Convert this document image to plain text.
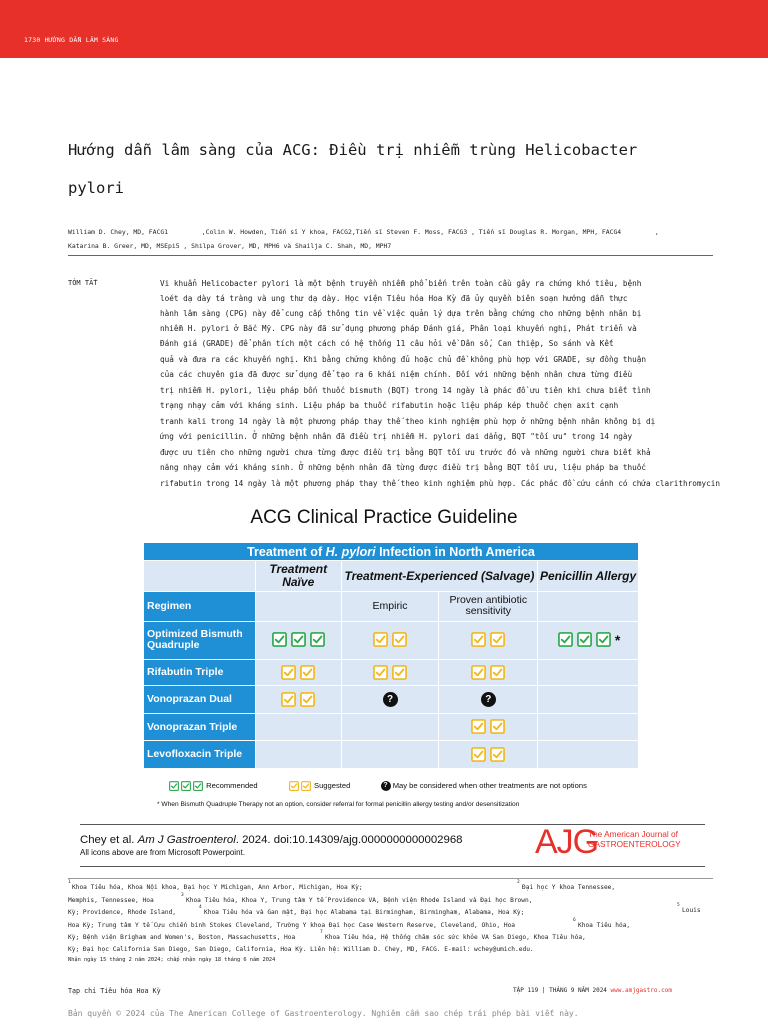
1730 HƯỚNG DẪN LÂM SÀNG
Hướng dẫn lâm sàng của ACG: Điều trị nhiễm trùng Helicobacter
pylori
William D. Chey, MD, FACG1	,Colin W. Howden, Tiến sĩ Y khoa, FACG2,Tiến sĩ Steven F. Moss, FACG3 , Tiến sĩ Douglas R. Morgan, MPH, FACG4	,
Katarina B. Greer, MD, MSEpi5 , Shilpa Grover, MD, MPH6 và Shailja C. Shah, MD, MPH7
TÓM TẮT	Vi khuẩn Helicobacter pylori là một bệnh truyền nhiễm phổ biến trên toàn cầu gây ra chứng khó tiêu, bệnh
loét dạ dày tá tràng và ung thư dạ dày. Học viện Tiêu hóa Hoa Kỳ đã ủy quyền biên soạn hướng dẫn thực
hành lâm sàng (CPG) này để cung cấp thông tin về việc quản lý dựa trên bằng chứng cho những bệnh nhân bị
nhiễm H. pylori ở Bắc Mỹ. CPG này đã sử dụng phương pháp Đánh giá, Phân loại khuyến nghị, Phát triển và
Đánh giá (GRADE) để phân tích một cách có hệ thống 11 câu hỏi về Dân số, Can thiệp, So sánh và Kết
quả và đưa ra các khuyến nghị. Khi bằng chứng không đủ hoặc chủ đề không phù hợp với GRADE, sự đồng thuận
của các chuyên gia đã được sử dụng để tạo ra 6 khái niệm chính. Đối với những bệnh nhân chưa từng điều
trị nhiễm H. pylori, liệu pháp bốn thuốc bismuth (BQT) trong 14 ngày là phác đồ ưu tiên khi chưa biết tình
trạng nhạy cảm với kháng sinh. Liệu pháp ba thuốc rifabutin hoặc liệu pháp kép thuốc chẹn axit cạnh
tranh kali trong 14 ngày là một phương pháp thay thế theo kinh nghiệm phù hợp ở những bệnh nhân không bị dị
ứng với penicillin. Ở những bệnh nhân đã điều trị nhiễm H. pylori dai dẳng, BQT "tối ưu" trong 14 ngày
được ưu tiên cho những người chưa từng được điều trị bằng BQT tối ưu trước đó và những người chưa biết khả
năng nhạy cảm với kháng sinh. Ở những bệnh nhân đã từng được điều trị bằng BQT tối ưu, liệu pháp ba thuốc
rifabutin trong 14 ngày là một phương pháp thay thế theo kinh nghiệm phù hợp. Các phác đồ cứu cánh có chứa clarithromycin
ACG Clinical Practice Guideline
Treatment of H. pylori Infection in North America				
	Treatment Naïve	Treatment-Experienced (Salvage)		Penicillin Allergy
Regimen		Empiric	Proven antibiotic sensitivity	
Optimized Bismuth Quadruple				*
Rifabutin Triple				
Vonoprazan Dual		?	?	
Vonoprazan Triple				
Levofloxacin Triple				
Recommended	Suggested	? May be considered when other treatments are not options
* When Bismuth Quadruple Therapy not an option, consider referral for formal penicillin allergy testing and/or desensitization
Chey et al. Am J Gastroenterol. 2024. doi:10.14309/ajg.0000000000002968
All icons above are from Microsoft Powerpoint.	AJG
The American Journal of
GASTROENTEROLOGY
1
Khoa Tiêu hóa, Khoa Nội khoa, Đại học Y Michigan, Ann Arbor, Michigan, Hoa Kỳ;
2
Đại học Y khoa Tennessee,
Memphis, Tennessee, Hoa
3
Khoa Tiêu hóa, Khoa Y, Trung tâm Y tế Providence VA, Bệnh viện Rhode Island và Đại học Brown,
Kỳ; Providence, Rhode Island,
4
Khoa Tiêu hóa và Gan mật, Đại học Alabama tại Birmingham, Birmingham, Alabama, Hoa Kỳ;
5
Louis
Hoa Kỳ; Trung tâm Y tế Cựu chiến binh Stokes Cleveland, Trường Y khoa Đại học Case Western Reserve, Cleveland, Ohio, Hoa
6
Khoa Tiêu hóa,
Kỳ; Bệnh viện Brigham and Women's, Boston, Massachusetts, Hoa
7
Khoa Tiêu hóa, Hệ thống chăm sóc sức khỏe VA San Diego, Khoa Tiêu hóa,
Kỳ; Đại học California San Diego, San Diego, California, Hoa Kỳ. Liên hệ: William D. Chey, MD, FACG. E-mail: wchey@umich.edu.
Nhận ngày 15 tháng 2 năm 2024; chấp nhận ngày 18 tháng 6 năm 2024
Tạp chí Tiêu hóa Hoa Kỳ	TẬP 119 | THÁNG 9 NĂM 2024 www.amjgastro.com
Bản quyền © 2024 của The American College of Gastroenterology. Nghiêm cấm sao chép trái phép bài viết này.
